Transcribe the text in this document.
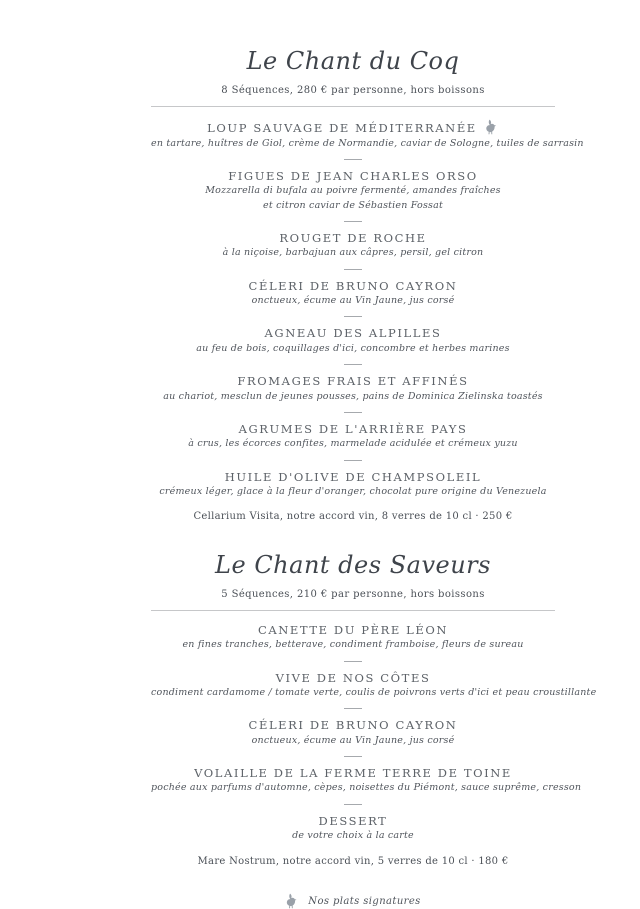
Le Chant du Coq
8 Séquences, 280 € par personne, hors boissons
LOUP SAUVAGE DE MÉDITERRANÉE
en tartare, huîtres de Giol, crème de Normandie, caviar de Sologne, tuiles de sarrasin
FIGUES DE JEAN CHARLES ORSO
Mozzarella di bufala au poivre fermenté, amandes fraîches
et citron caviar de Sébastien Fossat
ROUGET DE ROCHE
à la niçoise, barbajuan aux câpres, persil, gel citron
CÉLERI DE BRUNO CAYRON
onctueux, écume au Vin Jaune, jus corsé
AGNEAU DES ALPILLES
au feu de bois, coquillages d'ici, concombre et herbes marines
FROMAGES FRAIS ET AFFINÉS
au chariot, mesclun de jeunes pousses, pains de Dominica Zielinska toastés
AGRUMES DE L'ARRIÈRE PAYS
à crus, les écorces confites, marmelade acidulée et crémeux yuzu
HUILE D'OLIVE DE CHAMPSOLEIL
crémeux léger, glace à la fleur d'oranger, chocolat pure origine du Venezuela
Cellarium Visita, notre accord vin, 8 verres de 10 cl · 250 €
Le Chant des Saveurs
5 Séquences, 210 € par personne, hors boissons
CANETTE DU PÈRE LÉON
en fines tranches, betterave, condiment framboise, fleurs de sureau
VIVE DE NOS CÔTES
condiment cardamome / tomate verte, coulis de poivrons verts d'ici et peau croustillante
CÉLERI DE BRUNO CAYRON
onctueux, écume au Vin Jaune, jus corsé
VOLAILLE DE LA FERME TERRE DE TOINE
pochée aux parfums d'automne, cèpes, noisettes du Piémont, sauce suprême, cresson
DESSERT
de votre choix à la carte
Mare Nostrum, notre accord vin, 5 verres de 10 cl · 180 €
Nos plats signatures
